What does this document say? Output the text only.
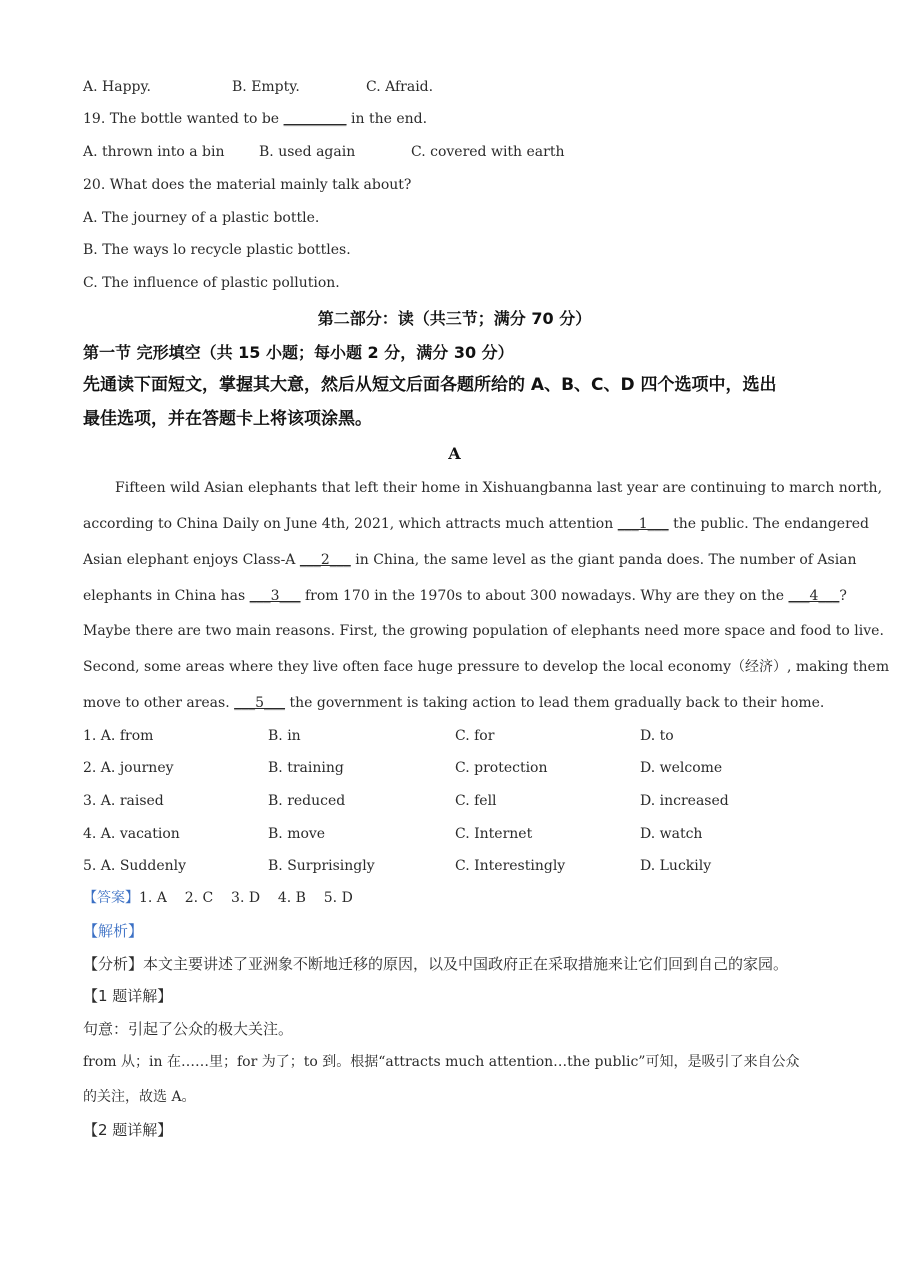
A. Happy.	B. Empty.	C. Afraid.
19. The bottle wanted to be _________ in the end.
A. thrown into a bin B. used again	C. covered with earth
20. What does the material mainly talk about?
A. The journey of a plastic bottle.
B. The ways lo recycle plastic bottles.
C. The influence of plastic pollution.
第二部分：读（共三节；满分 70 分）
第一节 完形填空（共 15 小题；每小题 2 分，满分 30 分）
先通读下面短文，掌握其大意，然后从短文后面各题所给的 A、B、C、D 四个选项中，选出
最佳选项，并在答题卡上将该项涂黑。
A
Fifteen wild Asian elephants that left their home in Xishuangbanna last year are continuing to march north,
according to China Daily on June 4th, 2021, which attracts much attention ___1___ the public. The endangered
Asian elephant enjoys Class-A ___2___ in China, the same level as the giant panda does. The number of Asian
elephants in China has ___3___ from 170 in the 1970s to about 300 nowadays. Why are they on the ___4___?
Maybe there are two main reasons. First, the growing population of elephants need more space and food to live.
Second, some areas where they live often face huge pressure to develop the local economy（经济）, making them
move to other areas. ___5___ the government is taking action to lead them gradually back to their home.
1. A. from	B. in	C. for	D. to
2. A. journey	B. training	C. protection	D. welcome
3. A. raised	B. reduced	C. fell	D. increased
4. A. vacation	B. move	C. Internet	D. watch
5. A. Suddenly	B. Surprisingly	C. Interestingly	D. Luckily
【答案】1. A    2. C    3. D    4. B    5. D
【解析】
【分析】本文主要讲述了亚洲象不断地迁移的原因，以及中国政府正在采取措施来让它们回到自己的家园。
【1 题详解】
句意：引起了公众的极大关注。
from 从；in 在……里；for 为了；to 到。根据“attracts much attention…the public”可知，是吸引了来自公众
的关注，故选 A。
【2 题详解】
